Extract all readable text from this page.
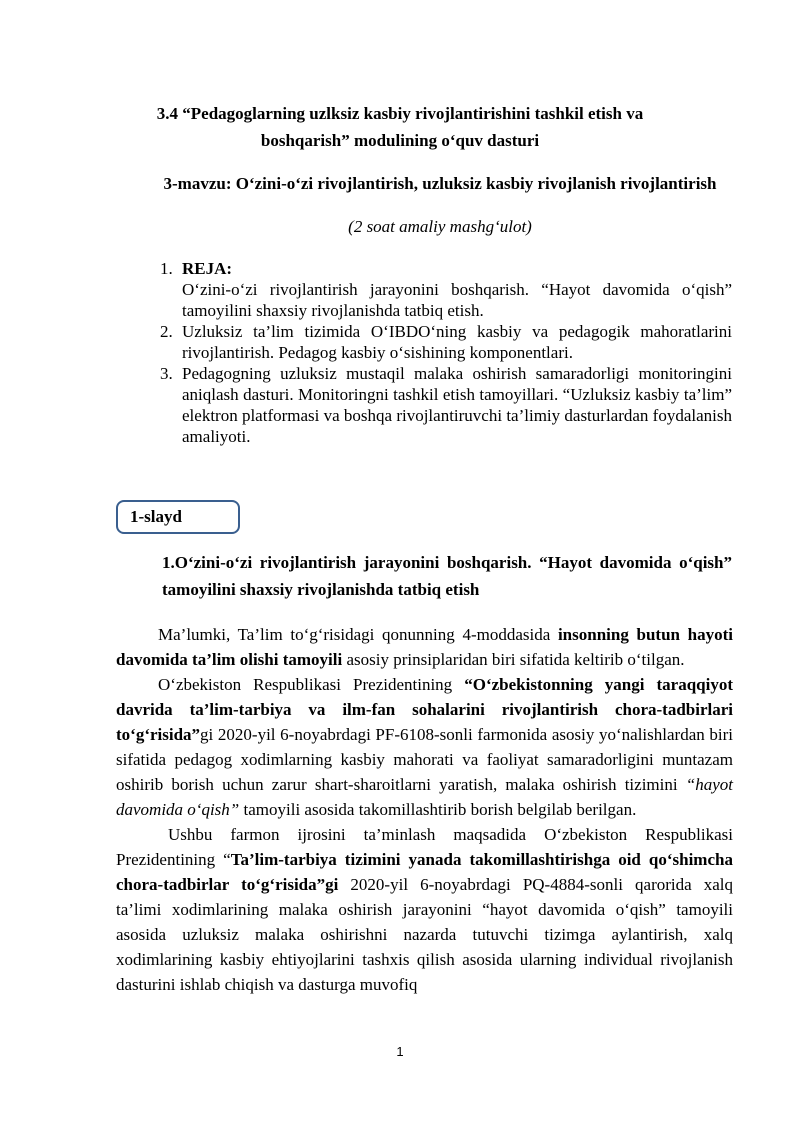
3.4 “Pedagoglarning uzlksiz kasbiy rivojlantirishini tashkil etish va boshqarish” modulining o‘quv dasturi
3-mavzu: O‘zini-o‘zi rivojlantirish, uzluksiz kasbiy rivojlanish rivojlantirish
(2 soat amaliy mashg‘ulot)
1. REJA:
O‘zini-o‘zi rivojlantirish jarayonini boshqarish. “Hayot davomida o‘qish” tamoyilini shaxsiy rivojlanishda tatbiq etish.
2. Uzluksiz ta’lim tizimida O‘IBDO‘ning kasbiy va pedagogik mahoratlarini rivojlantirish. Pedagog kasbiy o‘sishining komponentlari.
3. Pedagogning uzluksiz mustaqil malaka oshirish samaradorligi monitoringini aniqlash dasturi. Monitoringni tashkil etish tamoyillari. “Uzluksiz kasbiy ta’lim” elektron platformasi va boshqa rivojlantiruvchi ta’limiy dasturlardan foydalanish amaliyoti.
1-slayd
1.O‘zini-o‘zi rivojlantirish jarayonini boshqarish. “Hayot davomida o‘qish” tamoyilini shaxsiy rivojlanishda tatbiq etish

Ma’lumki, Ta’lim to‘g‘risidagi qonunning 4-moddasida insonning butun hayoti davomida ta’lim olishi tamoyili asosiy prinsiplaridan biri sifatida keltirib o‘tilgan.

O‘zbekiston Respublikasi Prezidentining “O‘zbekistonning yangi taraqqiyot davrida ta’lim-tarbiya va ilm-fan sohalarini rivojlantirish chora-tadbirlari to‘g‘risida”gi 2020-yil 6-noyabrdagi PF-6108-sonli farmonida asosiy yo‘nalishlardan biri sifatida pedagog xodimlarning kasbiy mahorati va faoliyat samaradorligini muntazam oshirib borish uchun zarur shart-sharoitlarni yaratish, malaka oshirish tizimini “hayot davomida o‘qish” tamoyili asosida takomillashtirib borish belgilab berilgan.

Ushbu farmon ijrosini ta’minlash maqsadida O‘zbekiston Respublikasi Prezidentining “Ta’lim-tarbiya tizimini yanada takomillashtirishga oid qo‘shimcha chora-tadbirlar to‘g‘risida”gi 2020-yil 6-noyabrdagi PQ-4884-sonli qarorida xalq ta’limi xodimlarining malaka oshirish jarayonini “hayot davomida o‘qish” tamoyili asosida uzluksiz malaka oshirishni nazarda tutuvchi tizimga aylantirish, xalq xodimlarining kasbiy ehtiyojlarini tashxis qilish asosida ularning individual rivojlanish dasturini ishlab chiqish va dasturga muvofiq

1
